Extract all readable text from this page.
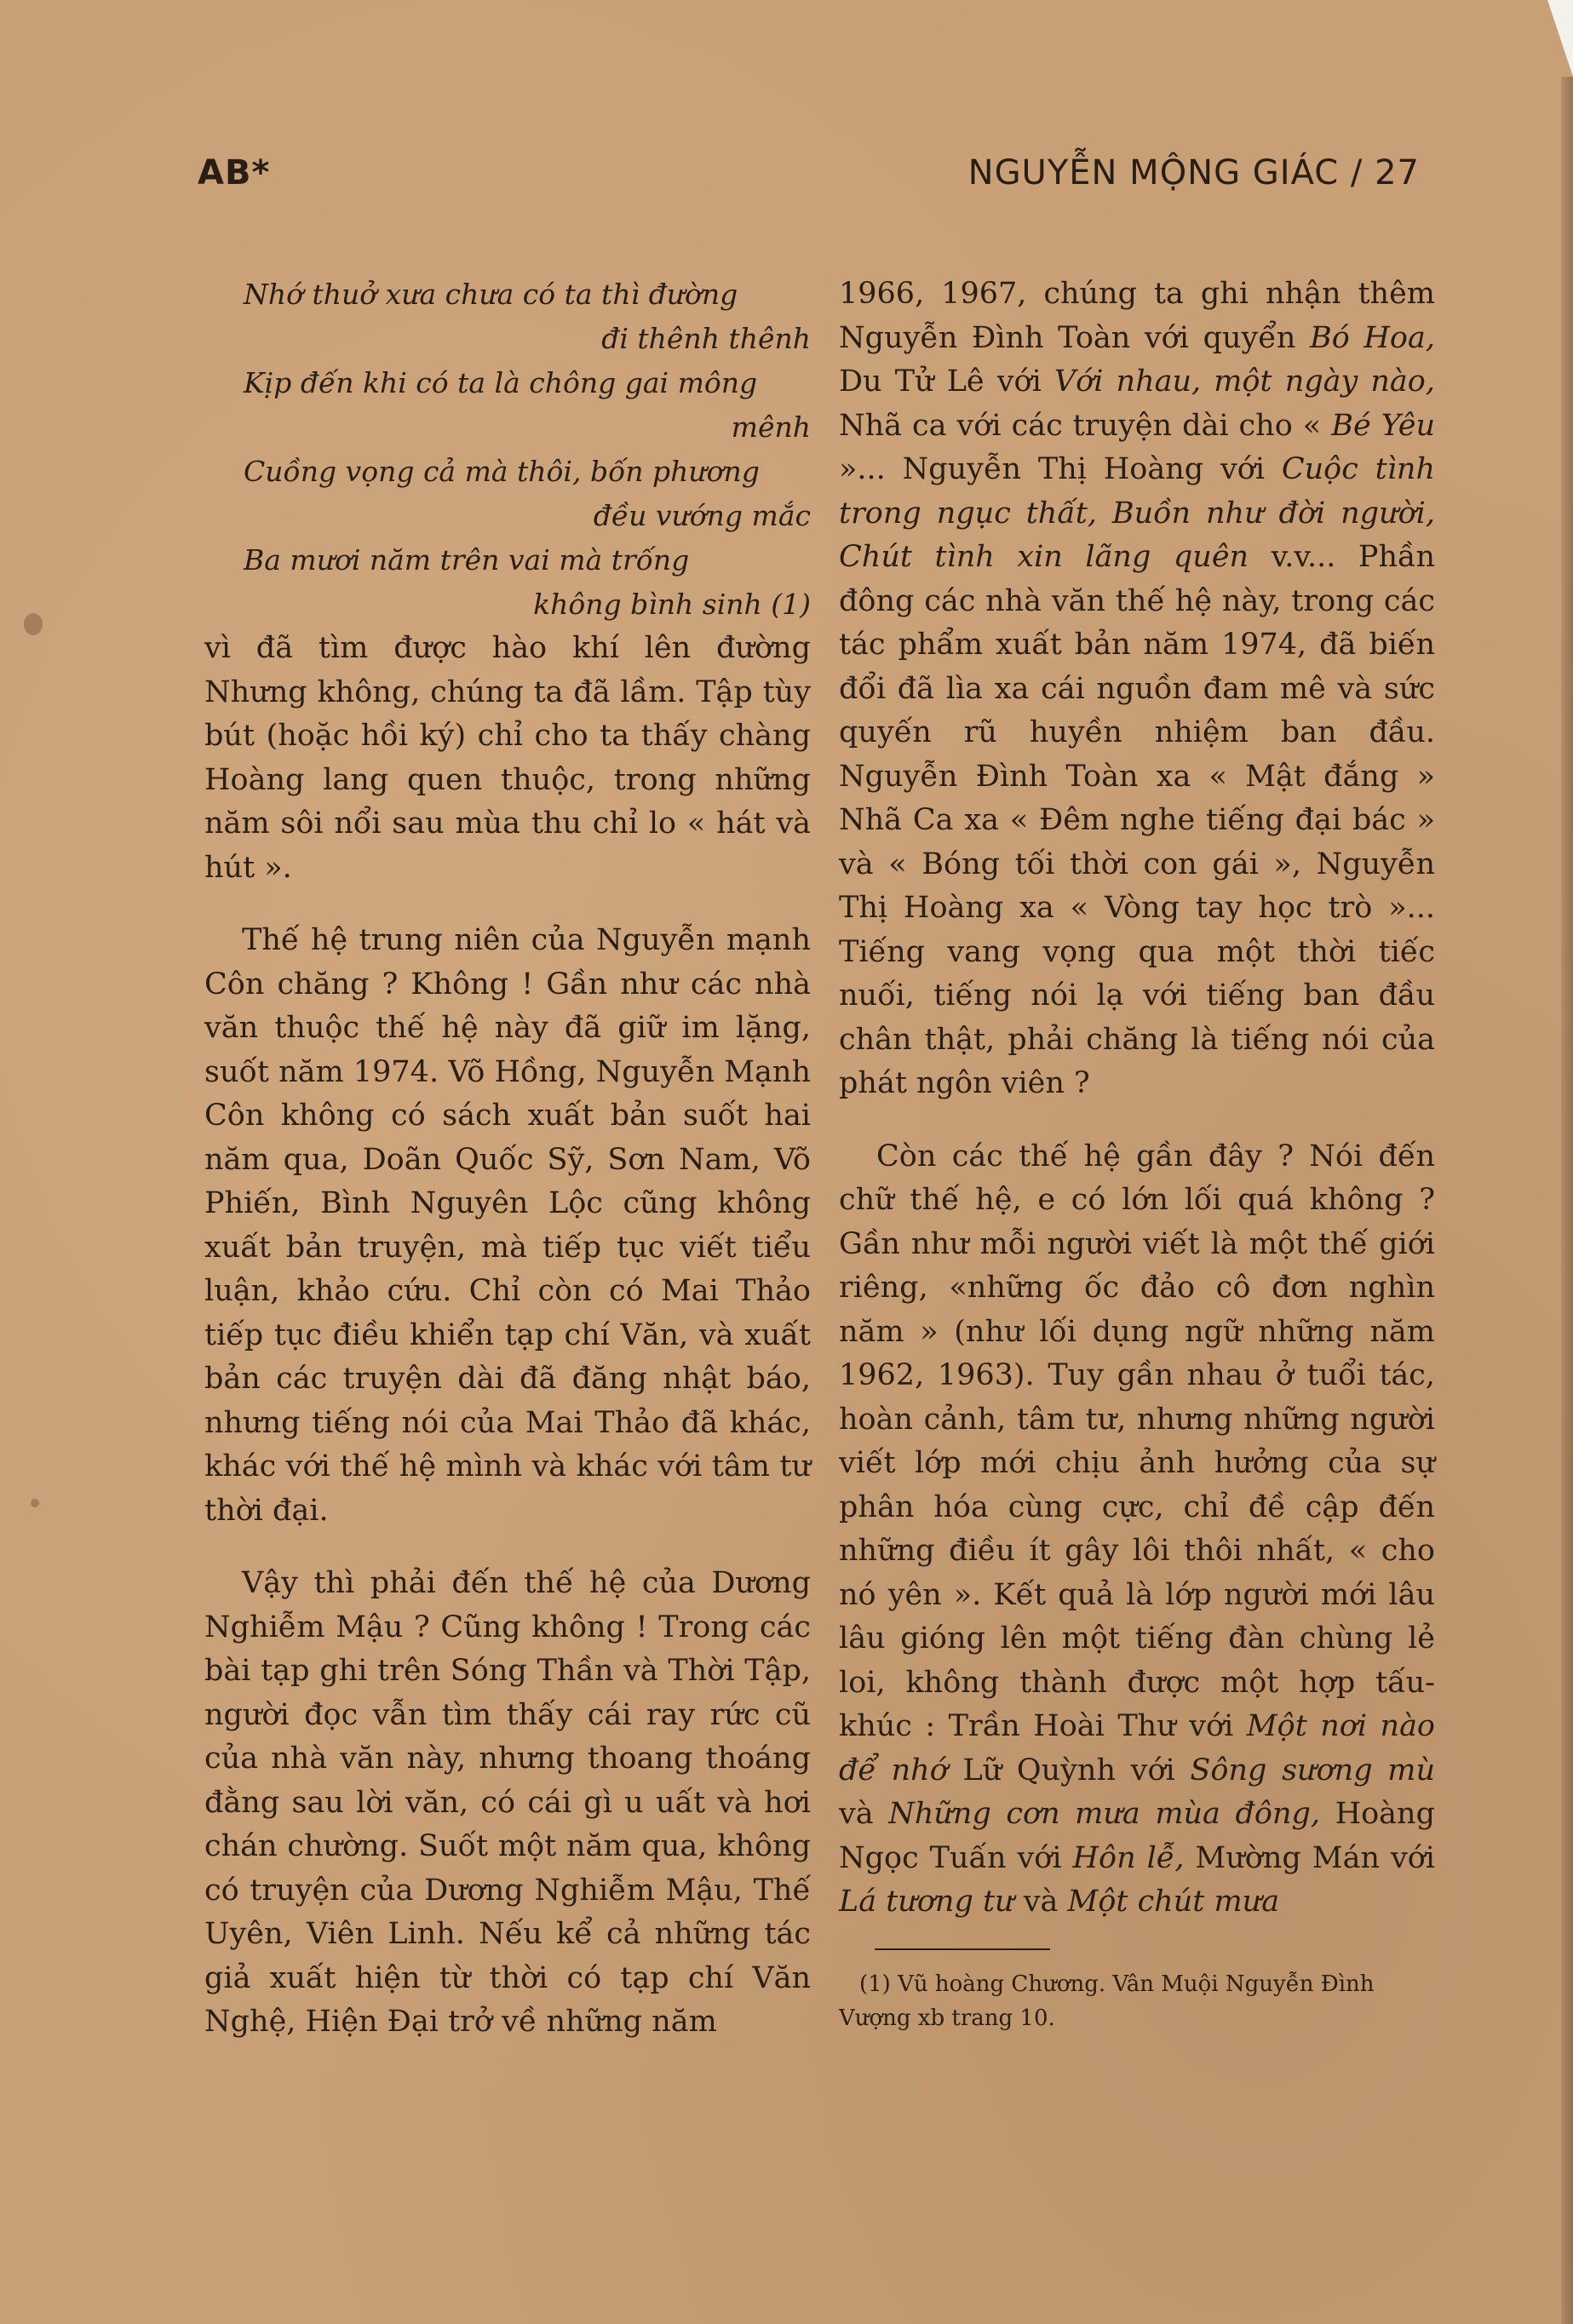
AB*	NGUYỄN MỘNG GIÁC / 27
Nhớ thuở xưa chưa có ta thì đường
đi thênh thênh
Kịp đến khi có ta là chông gai mông
mênh
Cuồng vọng cả mà thôi, bốn phương
đều vướng mắc
Ba mươi năm trên vai mà trống
không bình sinh (1)

vì đã tìm được hào khí lên đường Nhưng không, chúng ta đã lầm. Tập tùy bút (hoặc hồi ký) chỉ cho ta thấy chàng Hoàng lang quen thuộc, trong những năm sôi nổi sau mùa thu chỉ lo « hát và hút ».

Thế hệ trung niên của Nguyễn mạnh Côn chăng ? Không ! Gần như các nhà văn thuộc thế hệ này đã giữ im lặng, suốt năm 1974. Võ Hồng, Nguyễn Mạnh Côn không có sách xuất bản suốt hai năm qua, Doãn Quốc Sỹ, Sơn Nam, Võ Phiến, Bình Nguyên Lộc cũng không xuất bản truyện, mà tiếp tục viết tiểu luận, khảo cứu. Chỉ còn có Mai Thảo tiếp tục điều khiển tạp chí Văn, và xuất bản các truyện dài đã đăng nhật báo, nhưng tiếng nói của Mai Thảo đã khác, khác với thế hệ mình và khác với tâm tư thời đại.

Vậy thì phải đến thế hệ của Dương Nghiễm Mậu ? Cũng không ! Trong các bài tạp ghi trên Sóng Thần và Thời Tập, người đọc vẫn tìm thấy cái ray rức cũ của nhà văn này, nhưng thoang thoáng đằng sau lời văn, có cái gì u uất và hơi chán chường. Suốt một năm qua, không có truyện của Dương Nghiễm Mậu, Thế Uyên, Viên Linh. Nếu kể cả những tác giả xuất hiện từ thời có tạp chí Văn Nghệ, Hiện Đại trở về những năm

1966, 1967, chúng ta ghi nhận thêm Nguyễn Đình Toàn với quyển Bó Hoa, Du Tử Lê với Với nhau, một ngày nào, Nhã ca với các truyện dài cho « Bé Yêu »... Nguyễn Thị Hoàng với Cuộc tình trong ngục thất, Buồn như đời người, Chút tình xin lãng quên v.v... Phần đông các nhà văn thế hệ này, trong các tác phẩm xuất bản năm 1974, đã biến đổi đã lìa xa cái nguồn đam mê và sức quyến rũ huyền nhiệm ban đầu. Nguyễn Đình Toàn xa « Mật đắng » Nhã Ca xa « Đêm nghe tiếng đại bác » và « Bóng tối thời con gái », Nguyễn Thị Hoàng xa « Vòng tay học trò »... Tiếng vang vọng qua một thời tiếc nuối, tiếng nói lạ với tiếng ban đầu chân thật, phải chăng là tiếng nói của phát ngôn viên ?

Còn các thế hệ gần đây ? Nói đến chữ thế hệ, e có lớn lối quá không ? Gần như mỗi người viết là một thế giới riêng, «những ốc đảo cô đơn nghìn năm » (như lối dụng ngữ những năm 1962, 1963). Tuy gần nhau ở tuổi tác, hoàn cảnh, tâm tư, nhưng những người viết lớp mới chịu ảnh hưởng của sự phân hóa cùng cực, chỉ đề cập đến những điều ít gây lôi thôi nhất, « cho nó yên ». Kết quả là lớp người mới lâu lâu gióng lên một tiếng đàn chùng lẻ loi, không thành được một hợp tấu-khúc : Trần Hoài Thư với Một nơi nào để nhớ Lữ Quỳnh với Sông sương mù và Những cơn mưa mùa đông, Hoàng Ngọc Tuấn với Hôn lễ, Mường Mán với Lá tương tư và Một chút mưa

(1) Vũ hoàng Chương. Vân Muội Nguyễn Đình Vượng xb trang 10.
